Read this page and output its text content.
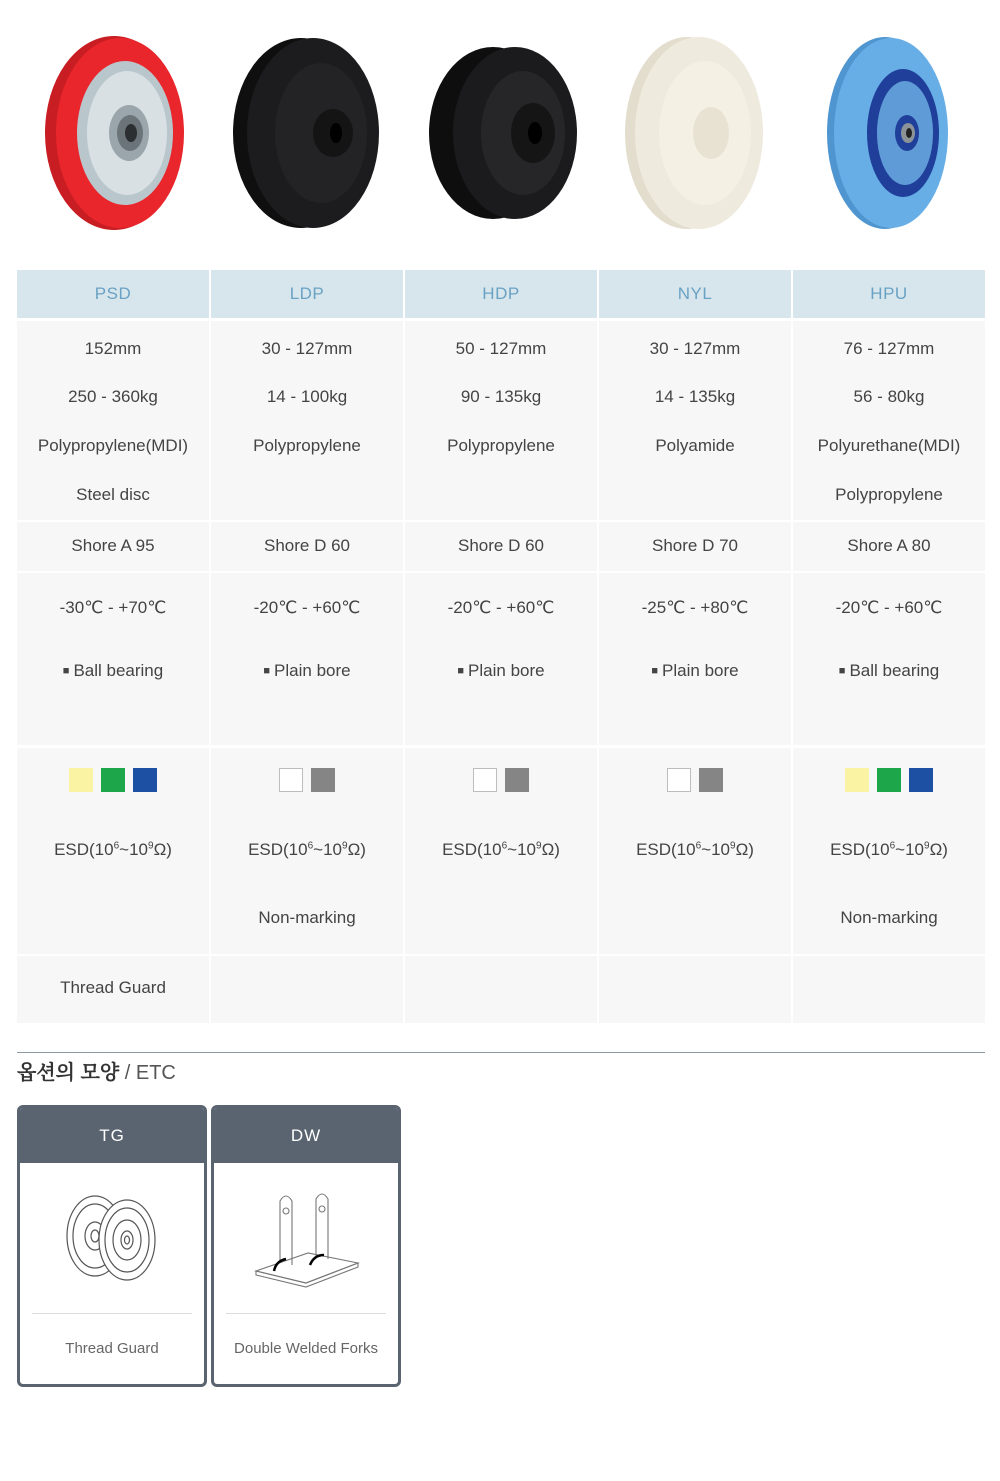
PSD
152mm
250 - 360kg
Polypropylene(MDI)
Steel disc
Shore A 95
-30℃ - +70℃
■ Ball bearing
$ESD(10^6\sim 10^9\Omega)$
Thread Guard
LDP
30 - 127mm
14 - 100kg
Polypropylene
Shore D 60
-20℃ - +60℃
■ Plain bore
$ESD(10^6\sim 10^9\Omega)$
Non-marking
HDP
50 - 127mm
90 - 135kg
Polypropylene
Shore D 60
-20℃ - +60℃
■ Plain bore
$ESD(10^6\sim 10^9\Omega)$
NYL
30 - 127mm
14 - 135kg
Polyamide
Shore D 70
-25℃ - +80℃
■ Plain bore
$ESD(10^6\sim 10^9\Omega)$
HPU
76 - 127mm
56 - 80kg
Polyurethane(MDI)
Polypropylene
Shore A 80
-20℃ - +60℃
■ Ball bearing
$ESD(10^6\sim 10^9\Omega)$
Non-marking
옵션의 모양 / ETC
TG
Thread Guard
DW
Double Welded Forks
